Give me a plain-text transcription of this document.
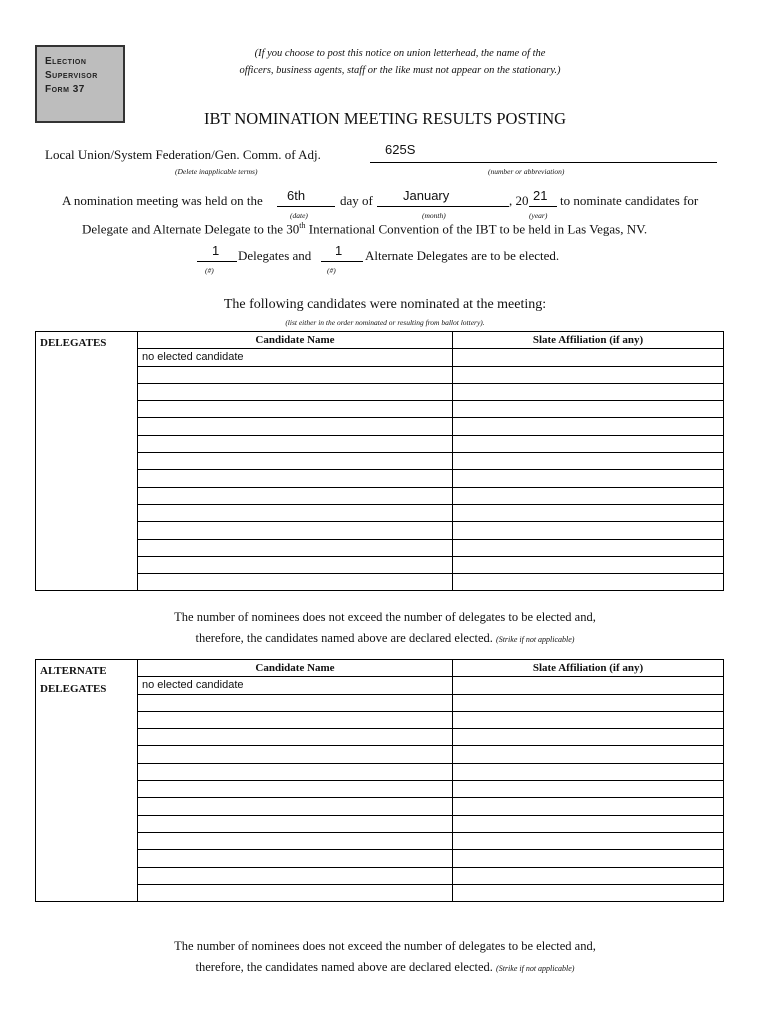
Election
Supervisor
Form 37
(If you choose to post this notice on union letterhead, the name of the
officers, business agents, staff or the like must not appear on the stationary.)
IBT NOMINATION MEETING RESULTS POSTING
Local Union/System Federation/Gen. Comm. of Adj.	625S
(Delete inapplicable terms)	(number or abbreviation)
A nomination meeting was held on the 6th	day of January	, 20 21 to nominate candidates for
(date)	(month)	(year)
Delegate and Alternate Delegate to the 30th International Convention of the IBT to be held in Las Vegas, NV.
1 Delegates and 1 Alternate Delegates are to be elected.
(#)	(#)
The following candidates were nominated at the meeting:
(list either in the order nominated or resulting from ballot lottery).
DELEGATES	Candidate Name	Slate Affiliation (if any)
	no elected candidate	

The number of nominees does not exceed the number of delegates to be elected and,
therefore, the candidates named above are declared elected. (Strike if not applicable)
ALTERNATE
DELEGATES	Candidate Name	Slate Affiliation (if any)
	no elected candidate	

The number of nominees does not exceed the number of delegates to be elected and,
therefore, the candidates named above are declared elected. (Strike if not applicable)
